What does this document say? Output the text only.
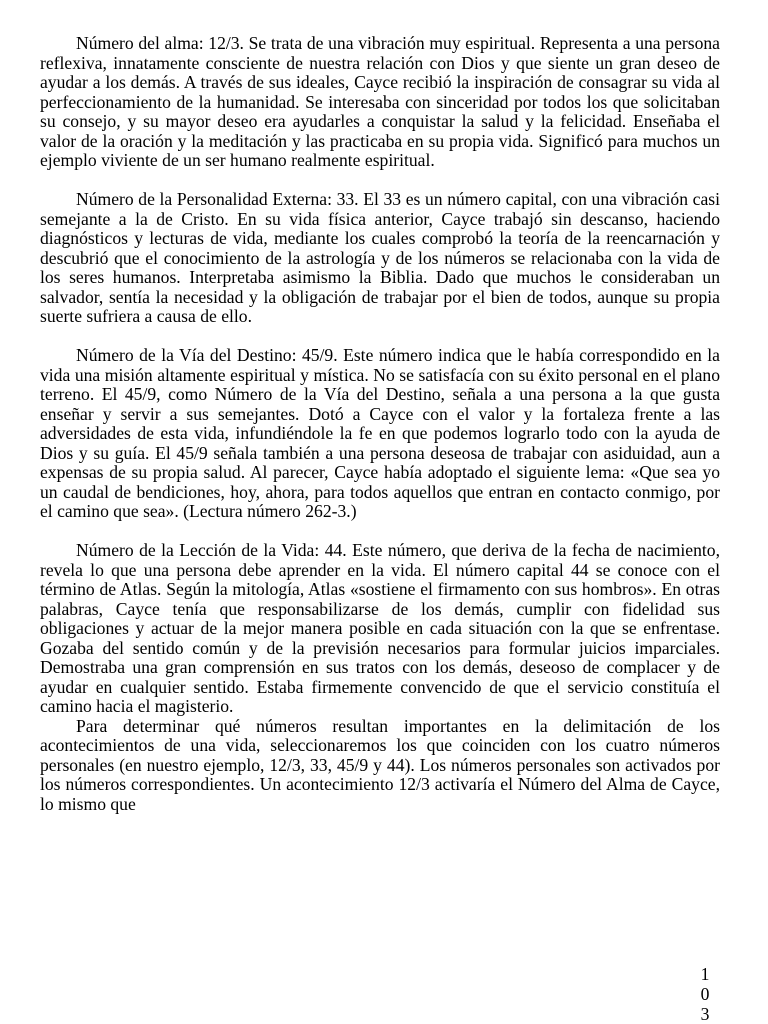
Número del alma: 12/3. Se trata de una vibración muy espiritual. Representa a una persona reflexiva, innatamente consciente de nuestra relación con Dios y que siente un gran deseo de ayudar a los demás. A través de sus ideales, Cayce recibió la inspiración de consagrar su vida al perfeccionamiento de la humanidad. Se interesaba con sinceridad por todos los que solicitaban su consejo, y su mayor deseo era ayudarles a conquistar la salud y la felicidad. Enseñaba el valor de la oración y la meditación y las practicaba en su propia vida. Significó para muchos un ejemplo viviente de un ser humano realmente espiritual.

Número de la Personalidad Externa: 33. El 33 es un número capital, con una vibración casi semejante a la de Cristo. En su vida física anterior, Cayce trabajó sin descanso, haciendo diagnósticos y lecturas de vida, mediante los cuales comprobó la teoría de la reencarnación y descubrió que el conocimiento de la astrología y de los números se relacionaba con la vida de los seres humanos. Interpretaba asimismo la Biblia. Dado que muchos le consideraban un salvador, sentía la necesidad y la obligación de trabajar por el bien de todos, aunque su propia suerte sufriera a causa de ello.

Número de la Vía del Destino: 45/9. Este número indica que le había correspondido en la vida una misión altamente espiritual y mística. No se satisfacía con su éxito personal en el plano terreno. El 45/9, como Número de la Vía del Destino, señala a una persona a la que gusta enseñar y servir a sus semejantes. Dotó a Cayce con el valor y la fortaleza frente a las adversidades de esta vida, infundiéndole la fe en que podemos lograrlo todo con la ayuda de Dios y su guía. El 45/9 señala también a una persona deseosa de trabajar con asiduidad, aun a expensas de su propia salud. Al parecer, Cayce había adoptado el siguiente lema: «Que sea yo un caudal de bendiciones, hoy, ahora, para todos aquellos que entran en contacto conmigo, por el camino que sea». (Lectura número 262-3.)

Número de la Lección de la Vida: 44. Este número, que deriva de la fecha de nacimiento, revela lo que una persona debe aprender en la vida. El número capital 44 se conoce con el término de Atlas. Según la mitología, Atlas «sostiene el firmamento con sus hombros». En otras palabras, Cayce tenía que responsabilizarse de los demás, cumplir con fidelidad sus obligaciones y actuar de la mejor manera posible en cada situación con la que se enfrentase. Gozaba del sentido común y de la previsión necesarios para formular juicios imparciales. Demostraba una gran comprensión en sus tratos con los demás, deseoso de complacer y de ayudar en cualquier sentido. Estaba firmemente convencido de que el servicio constituía el camino hacia el magisterio.

Para determinar qué números resultan importantes en la delimitación de los acontecimientos de una vida, seleccionaremos los que coinciden con los cuatro números personales (en nuestro ejemplo, 12/3, 33, 45/9 y 44). Los números personales son activados por los números correspondientes. Un acontecimiento 12/3 activaría el Número del Alma de Cayce, lo mismo que

1
0
3
